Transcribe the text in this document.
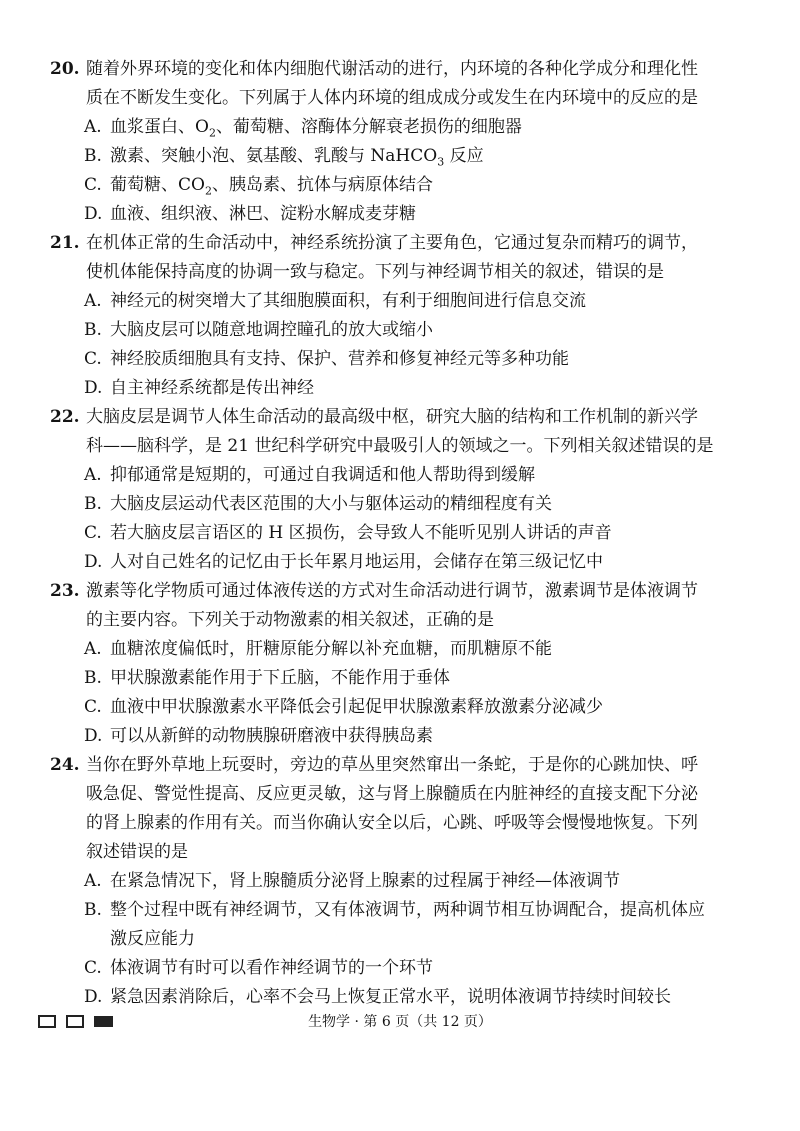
20. 随着外界环境的变化和体内细胞代谢活动的进行，内环境的各种化学成分和理化性
质在不断发生变化。下列属于人体内环境的组成成分或发生在内环境中的反应的是
A. 血浆蛋白、$O_2$、葡萄糖、溶酶体分解衰老损伤的细胞器
B. 激素、突触小泡、氨基酸、乳酸与 NaHCO$_3$ 反应
C. 葡萄糖、$CO_2$、胰岛素、抗体与病原体结合
D. 血液、组织液、淋巴、淀粉水解成麦芽糖
21. 在机体正常的生命活动中，神经系统扮演了主要角色，它通过复杂而精巧的调节，
使机体能保持高度的协调一致与稳定。下列与神经调节相关的叙述，错误的是
A. 神经元的树突增大了其细胞膜面积，有利于细胞间进行信息交流
B. 大脑皮层可以随意地调控瞳孔的放大或缩小
C. 神经胶质细胞具有支持、保护、营养和修复神经元等多种功能
D. 自主神经系统都是传出神经
22. 大脑皮层是调节人体生命活动的最高级中枢，研究大脑的结构和工作机制的新兴学
科——脑科学，是 21 世纪科学研究中最吸引人的领域之一。下列相关叙述错误的是
A. 抑郁通常是短期的，可通过自我调适和他人帮助得到缓解
B. 大脑皮层运动代表区范围的大小与躯体运动的精细程度有关
C. 若大脑皮层言语区的 H 区损伤，会导致人不能听见别人讲话的声音
D. 人对自己姓名的记忆由于长年累月地运用，会储存在第三级记忆中
23. 激素等化学物质可通过体液传送的方式对生命活动进行调节，激素调节是体液调节
的主要内容。下列关于动物激素的相关叙述，正确的是
A. 血糖浓度偏低时，肝糖原能分解以补充血糖，而肌糖原不能
B. 甲状腺激素能作用于下丘脑，不能作用于垂体
C. 血液中甲状腺激素水平降低会引起促甲状腺激素释放激素分泌减少
D. 可以从新鲜的动物胰腺研磨液中获得胰岛素
24. 当你在野外草地上玩耍时，旁边的草丛里突然窜出一条蛇，于是你的心跳加快、呼
吸急促、警觉性提高、反应更灵敏，这与肾上腺髓质在内脏神经的直接支配下分泌
的肾上腺素的作用有关。而当你确认安全以后，心跳、呼吸等会慢慢地恢复。下列
叙述错误的是
A. 在紧急情况下，肾上腺髓质分泌肾上腺素的过程属于神经—体液调节
B. 整个过程中既有神经调节，又有体液调节，两种调节相互协调配合，提高机体应
激反应能力
C. 体液调节有时可以看作神经调节的一个环节
D. 紧急因素消除后，心率不会马上恢复正常水平，说明体液调节持续时间较长
生物学 · 第 6 页（共 12 页）
